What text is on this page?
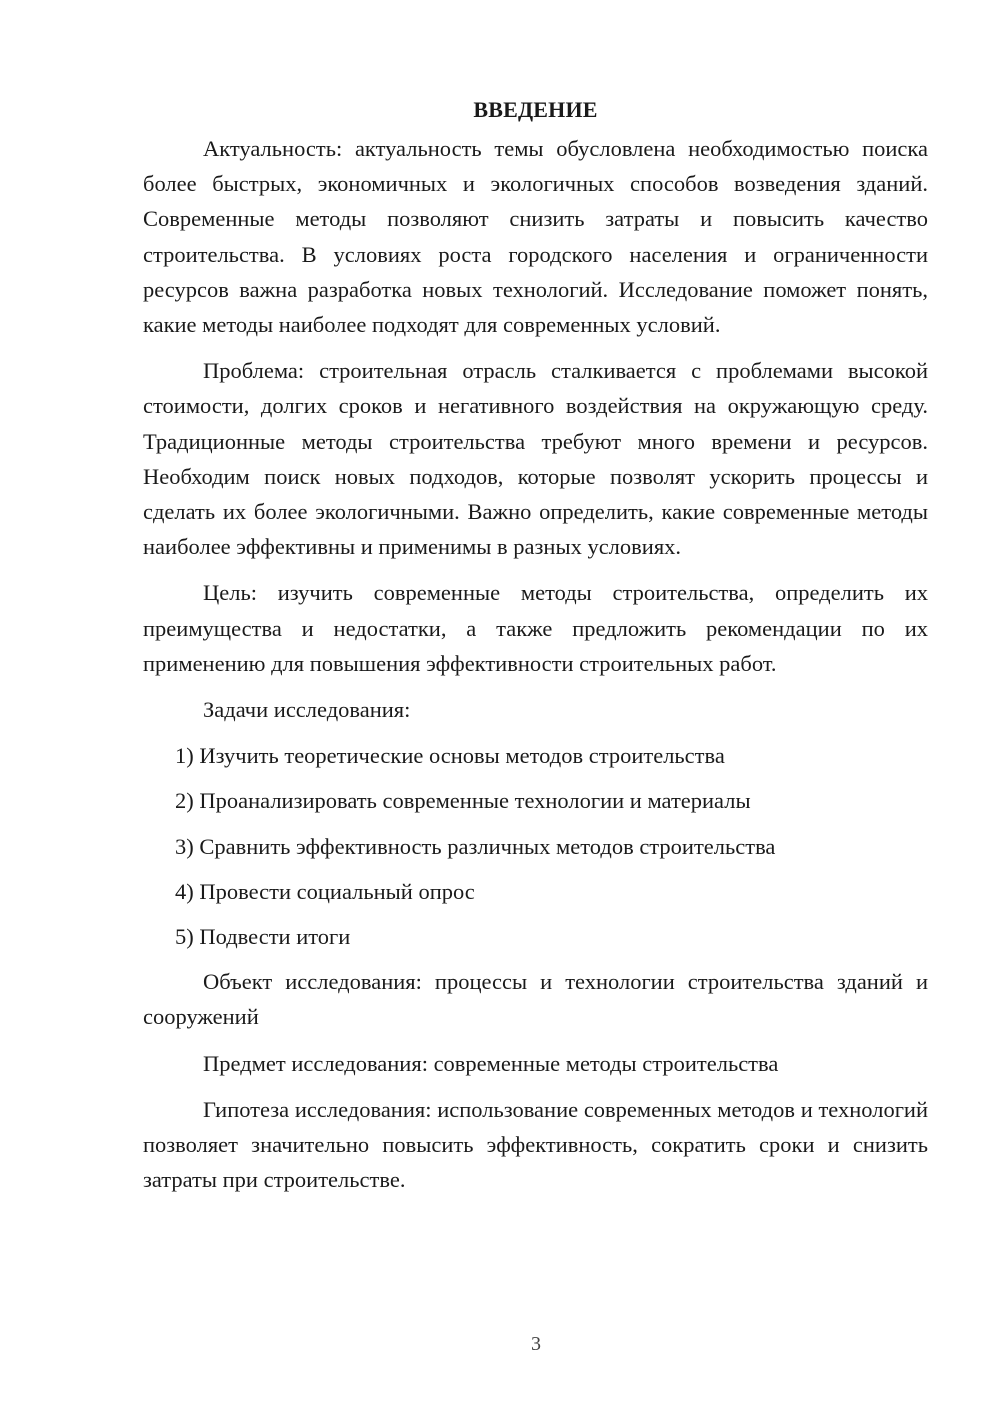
ВВЕДЕНИЕ

Актуальность: актуальность темы обусловлена необходимостью поиска более быстрых, экономичных и экологичных способов возведения зданий. Современные методы позволяют снизить затраты и повысить качество строительства. В условиях роста городского населения и ограниченности ресурсов важна разработка новых технологий. Исследование поможет понять, какие методы наиболее подходят для современных условий.

Проблема: строительная отрасль сталкивается с проблемами высокой стоимости, долгих сроков и негативного воздействия на окружающую среду. Традиционные методы строительства требуют много времени и ресурсов. Необходим поиск новых подходов, которые позволят ускорить процессы и сделать их более экологичными. Важно определить, какие современные методы наиболее эффективны и применимы в разных условиях.

Цель: изучить современные методы строительства, определить их преимущества и недостатки, а также предложить рекомендации по их применению для повышения эффективности строительных работ.

Задачи исследования:

1) Изучить теоретические основы методов строительства
2) Проанализировать современные технологии и материалы
3) Сравнить эффективность различных методов строительства
4) Провести социальный опрос
5) Подвести итоги

Объект исследования: процессы и технологии строительства зданий и сооружений

Предмет исследования: современные методы строительства

Гипотеза исследования: использование современных методов и технологий позволяет значительно повысить эффективность, сократить сроки и снизить затраты при строительстве.

3
